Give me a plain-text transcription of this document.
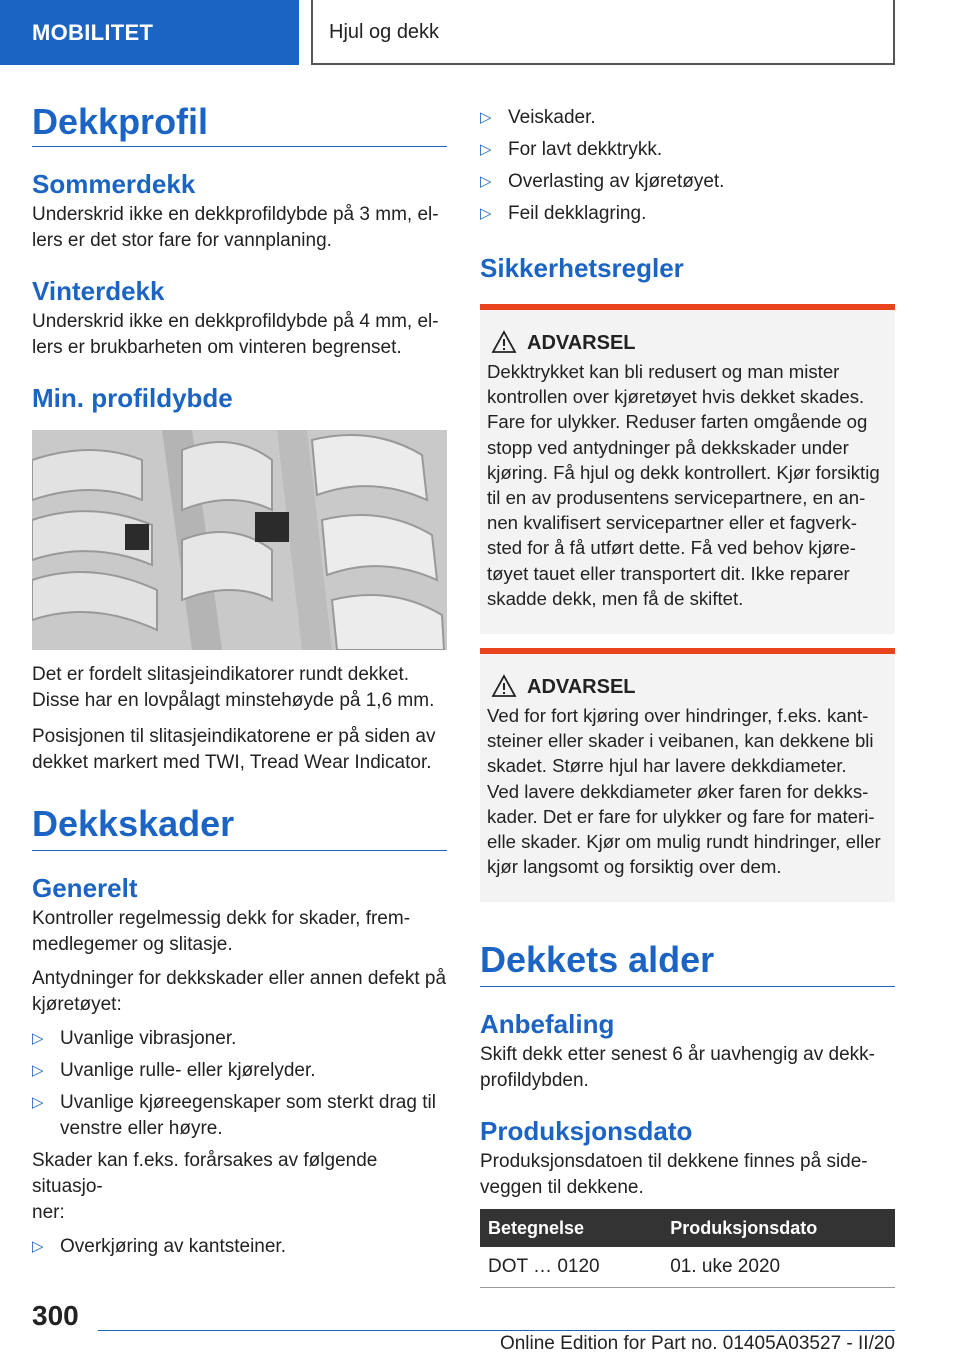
MOBILITET	Hjul og dekk
Dekkprofil
Sommerdekk
Underskrid ikke en dekkprofildybde på 3 mm, el-
lers er det stor fare for vannplaning.
Vinterdekk
Underskrid ikke en dekkprofildybde på 4 mm, el-
lers er brukbarheten om vinteren begrenset.
Min. profildybde
Det er fordelt slitasjeindikatorer rundt dekket.
Disse har en lovpålagt minstehøyde på 1,6 mm.
Posisjonen til slitasjeindikatorene er på siden av
dekket markert med TWI, Tread Wear Indicator.
Dekkskader
Generelt
Kontroller regelmessig dekk for skader, frem-
medlegemer og slitasje.
Antydninger for dekkskader eller annen defekt på
kjøretøyet:
▷ Uvanlige vibrasjoner.
▷ Uvanlige rulle- eller kjørelyder.
▷ Uvanlige kjøreegenskaper som sterkt drag til
venstre eller høyre.
Skader kan f.eks. forårsakes av følgende situasjo-
ner:
▷ Overkjøring av kantsteiner.
▷ Veiskader.
▷ For lavt dekktrykk.
▷ Overlasting av kjøretøyet.
▷ Feil dekklagring.
Sikkerhetsregler
ADVARSEL
Dekktrykket kan bli redusert og man mister
kontrollen over kjøretøyet hvis dekket skades.
Fare for ulykker. Reduser farten omgående og
stopp ved antydninger på dekkskader under
kjøring. Få hjul og dekk kontrollert. Kjør forsiktig
til en av produsentens servicepartnere, en an-
nen kvalifisert servicepartner eller et fagverk-
sted for å få utført dette. Få ved behov kjøre-
tøyet tauet eller transportert dit. Ikke reparer
skadde dekk, men få de skiftet.
ADVARSEL
Ved for fort kjøring over hindringer, f.eks. kant-
steiner eller skader i veibanen, kan dekkene bli
skadet. Større hjul har lavere dekkdiameter.
Ved lavere dekkdiameter øker faren for dekks-
kader. Det er fare for ulykker og fare for materi-
elle skader. Kjør om mulig rundt hindringer, eller
kjør langsomt og forsiktig over dem.
Dekkets alder
Anbefaling
Skift dekk etter senest 6 år uavhengig av dekk-
profildybden.
Produksjonsdato
Produksjonsdatoen til dekkene finnes på side-
veggen til dekkene.
Betegnelse	Produksjonsdato
DOT … 0120	01. uke 2020
300
Online Edition for Part no. 01405A03527 - II/20
